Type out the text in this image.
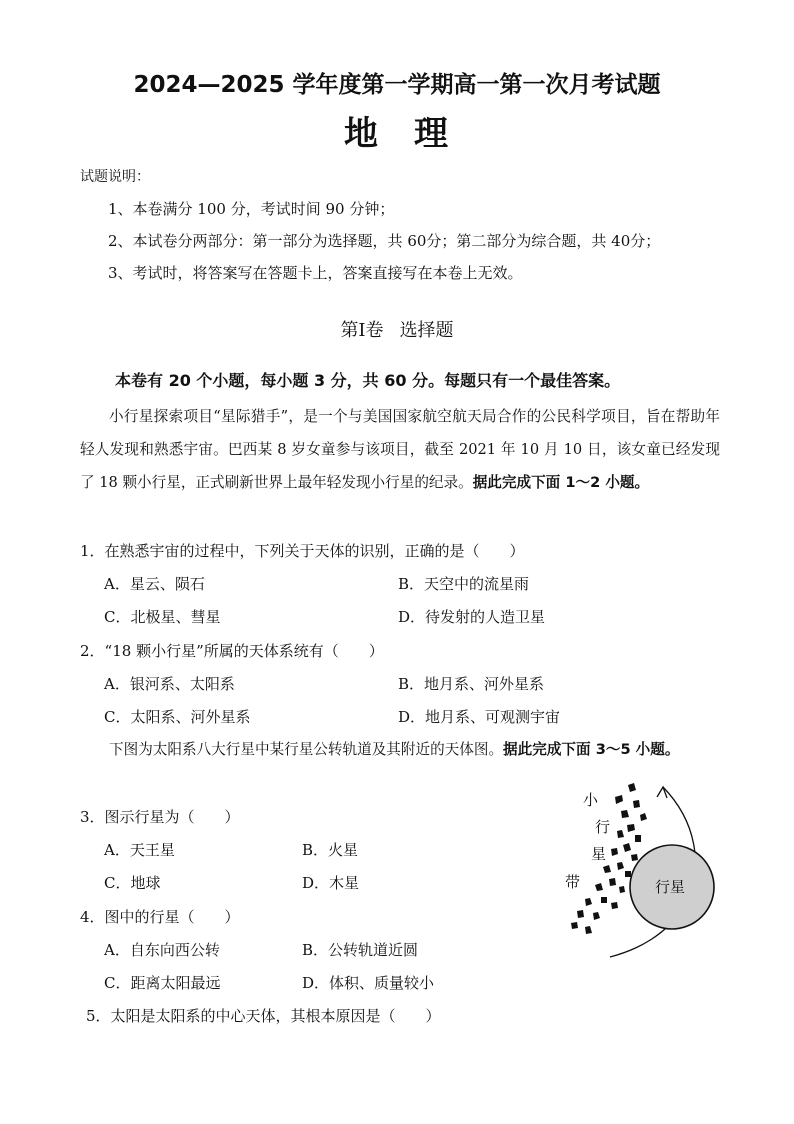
2024—2025 学年度第一学期高一第一次月考试题
地 理
试题说明：
1、本卷满分 100 分，考试时间 90 分钟；
2、本试卷分两部分：第一部分为选择题，共 60分；第二部分为综合题，共 40分；
3、考试时，将答案写在答题卡上，答案直接写在本卷上无效。
第Ⅰ卷 选择题
本卷有 20 个小题，每小题 3 分，共 60 分。每题只有一个最佳答案。
小行星探索项目“星际猎手”，是一个与美国国家航空航天局合作的公民科学项目，旨在帮助年轻人发现和熟悉宇宙。巴西某 8 岁女童参与该项目，截至 2021 年 10 月 10 日，该女童已经发现了 18 颗小行星，正式刷新世界上最年轻发现小行星的纪录。据此完成下面 1～2 小题。
1．在熟悉宇宙的过程中，下列关于天体的识别，正确的是（　　）
A．星云、陨石	B．天空中的流星雨
C．北极星、彗星	D．待发射的人造卫星
2．“18 颗小行星”所属的天体系统有（　　）
A．银河系、太阳系	B．地月系、河外星系
C．太阳系、河外星系	D．地月系、可观测宇宙
下图为太阳系八大行星中某行星公转轨道及其附近的天体图。据此完成下面 3～5 小题。
3．图示行星为（　　）
A．天王星	B．火星
C．地球	D．木星
4．图中的行星（　　）
A．自东向西公转	B．公转轨道近圆
C．距离太阳最远	D．体积、质量较小
5．太阳是太阳系的中心天体，其根本原因是（　　）
小
行
星
带	行星
